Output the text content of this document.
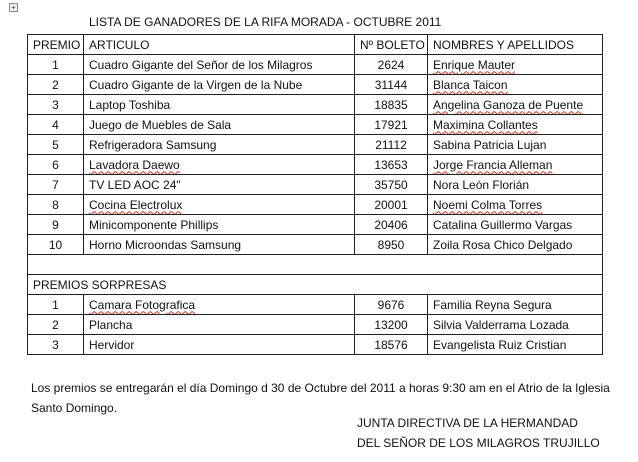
+
LISTA DE GANADORES DE LA RIFA MORADA - OCTUBRE 2011
PREMIO	ARTICULO	Nº BOLETO	NOMBRES Y APELLIDOS
1	Cuadro Gigante del Señor de los Milagros	2624	Enrique Mauter
2	Cuadro Gigante de la Virgen de la Nube	31144	Blanca Taicon
3	Laptop Toshiba	18835	Angelina Ganoza de Puente
4	Juego de Muebles de Sala	17921	Maximina Collantes
5	Refrigeradora Samsung	21112	Sabina Patricia Lujan
6	Lavadora Daewo	13653	Jorge Francia Alleman
7	TV LED AOC 24"	35750	Nora León Florián
8	Cocina Electrolux	20001	Noemi Colma Torres
9	Minicomponente Phillips	20406	Catalina Guillermo Vargas
10	Horno Microondas Samsung	8950	Zoila Rosa Chico Delgado

PREMIOS SORPRESAS			
1	Camara Fotografica	9676	Familia Reyna Segura
2	Plancha	13200	Silvia Valderrama Lozada
3	Hervidor	18576	Evangelista Ruiz Cristian
Los premios se entregarán el día Domingo d 30 de Octubre del 2011 a horas 9:30 am en el Atrio de la Iglesia Santo Domingo.
JUNTA DIRECTIVA DE LA HERMANDAD
DEL SEÑOR DE LOS MILAGROS TRUJILLO
